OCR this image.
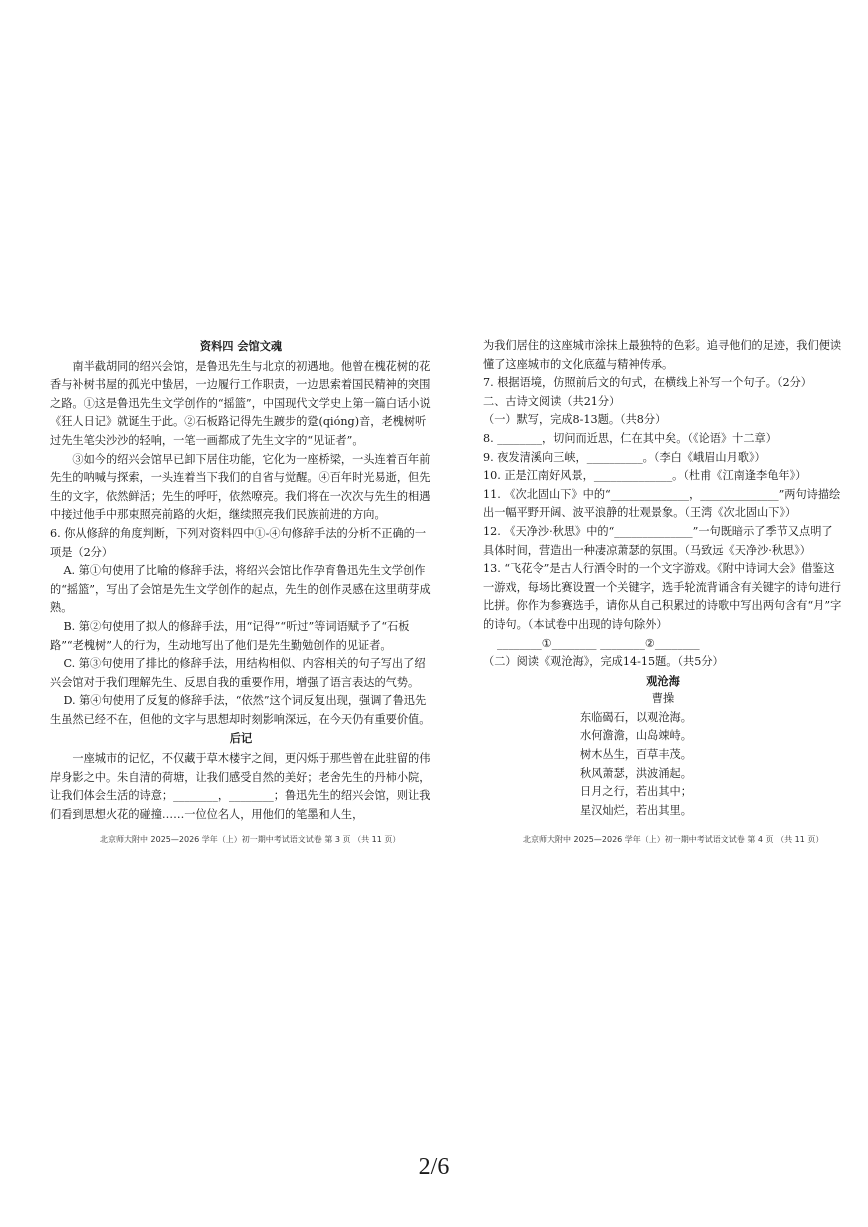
资料四 会馆文魂

南半截胡同的绍兴会馆，是鲁迅先生与北京的初遇地。他曾在槐花树的花香与补树书屋的孤光中蛰居，一边履行工作职责，一边思索着国民精神的突围之路。①这是鲁迅先生文学创作的“摇篮”，中国现代文学史上第一篇白话小说《狂人日记》就诞生于此。②石板路记得先生踱步的跫(qióng)音，老槐树听过先生笔尖沙沙的轻响，一笔一画都成了先生文字的“见证者”。

③如今的绍兴会馆早已卸下居住功能，它化为一座桥梁，一头连着百年前先生的呐喊与探索，一头连着当下我们的自省与觉醒。④百年时光易逝，但先生的文字，依然鲜活；先生的呼吁，依然嘹亮。我们将在一次次与先生的相遇中接过他手中那束照亮前路的火炬，继续照亮我们民族前进的方向。

6. 你从修辞的角度判断，下列对资料四中①-④句修辞手法的分析不正确的一项是（2分）

A. 第①句使用了比喻的修辞手法，将绍兴会馆比作孕育鲁迅先生文学创作的“摇篮”，写出了会馆是先生文学创作的起点，先生的创作灵感在这里萌芽成熟。

B. 第②句使用了拟人的修辞手法，用“记得”“听过”等词语赋予了“石板路”“老槐树”人的行为，生动地写出了他们是先生勤勉创作的见证者。

C. 第③句使用了排比的修辞手法，用结构相似、内容相关的句子写出了绍兴会馆对于我们理解先生、反思自我的重要作用，增强了语言表达的气势。

D. 第④句使用了反复的修辞手法，“依然”这个词反复出现，强调了鲁迅先生虽然已经不在，但他的文字与思想却时刻影响深远，在今天仍有重要价值。

后记

一座城市的记忆，不仅藏于草木楼宇之间，更闪烁于那些曾在此驻留的伟岸身影之中。朱自清的荷塘，让我们感受自然的美好；老舍先生的丹柿小院，让我们体会生活的诗意；________，________；鲁迅先生的绍兴会馆，则让我们看到思想火花的碰撞……一位位名人，用他们的笔墨和人生，

为我们居住的这座城市涂抹上最独特的色彩。追寻他们的足迹，我们便读懂了这座城市的文化底蕴与精神传承。

7. 根据语境，仿照前后文的句式，在横线上补写一个句子。（2分）

二、古诗文阅读（共21分）

（一）默写，完成8-13题。（共8分）

8. ________，切问而近思，仁在其中矣。（《论语》十二章）

9. 夜发清溪向三峡，__________。（李白《峨眉山月歌》）

10. 正是江南好风景，______________。（杜甫《江南逢李龟年》）

11. 《次北固山下》中的“______________，______________”两句诗描绘出一幅平野开阔、波平浪静的壮观景象。（王湾《次北固山下》）

12. 《天净沙·秋思》中的“______________”一句既暗示了季节又点明了具体时间，营造出一种凄凉萧瑟的氛围。（马致远《天净沙·秋思》）

13. “飞花令”是古人行酒令时的一个文字游戏。《附中诗词大会》借鉴这一游戏，每场比赛设置一个关键字，选手轮流背诵含有关键字的诗句进行比拼。你作为参赛选手，请你从自己积累过的诗歌中写出两句含有“月”字的诗句。（本试卷中出现的诗句除外）

________①________ ________②________

（二）阅读《观沧海》，完成14-15题。（共5分）

观沧海

曹操

东临碣石，以观沧海。

水何澹澹，山岛竦峙。

树木丛生，百草丰茂。

秋风萧瑟，洪波涌起。

日月之行，若出其中；

星汉灿烂，若出其里。

北京师大附中 2025—2026 学年（上）初一期中考试语文试卷 第 3 页 （共 11 页）	北京师大附中 2025—2026 学年（上）初一期中考试语文试卷 第 4 页 （共 11 页）
2/6
